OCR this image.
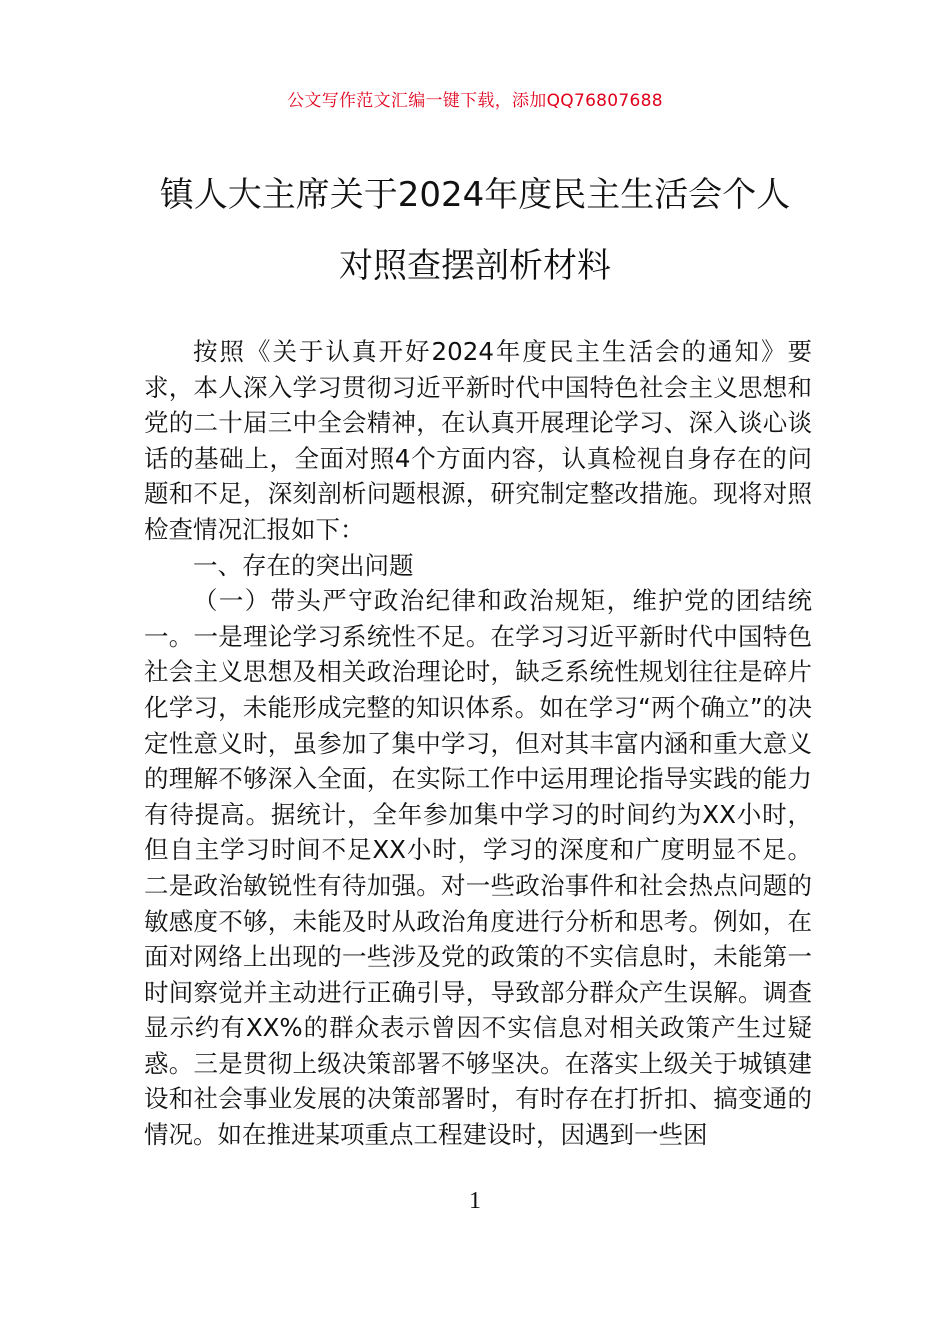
公文写作范文汇编一键下载，添加QQ76807688
镇人大主席关于2024年度民主生活会个人
对照查摆剖析材料

按照《关于认真开好2024年度民主生活会的通知》要求，本人深入学习贯彻习近平新时代中国特色社会主义思想和党的二十届三中全会精神，在认真开展理论学习、深入谈心谈话的基础上，全面对照4个方面内容，认真检视自身存在的问题和不足，深刻剖析问题根源，研究制定整改措施。现将对照检查情况汇报如下：

一、存在的突出问题

（一）带头严守政治纪律和政治规矩，维护党的团结统一。一是理论学习系统性不足。在学习习近平新时代中国特色社会主义思想及相关政治理论时，缺乏系统性规划往往是碎片化学习，未能形成完整的知识体系。如在学习“两个确立”的决定性意义时，虽参加了集中学习，但对其丰富内涵和重大意义的理解不够深入全面，在实际工作中运用理论指导实践的能力有待提高。据统计，全年参加集中学习的时间约为XX小时，但自主学习时间不足XX小时，学习的深度和广度明显不足。二是政治敏锐性有待加强。对一些政治事件和社会热点问题的敏感度不够，未能及时从政治角度进行分析和思考。例如，在面对网络上出现的一些涉及党的政策的不实信息时，未能第一时间察觉并主动进行正确引导，导致部分群众产生误解。调查显示约有XX%的群众表示曾因不实信息对相关政策产生过疑惑。三是贯彻上级决策部署不够坚决。在落实上级关于城镇建设和社会事业发展的决策部署时，有时存在打折扣、搞变通的情况。如在推进某项重点工程建设时，因遇到一些困

1
